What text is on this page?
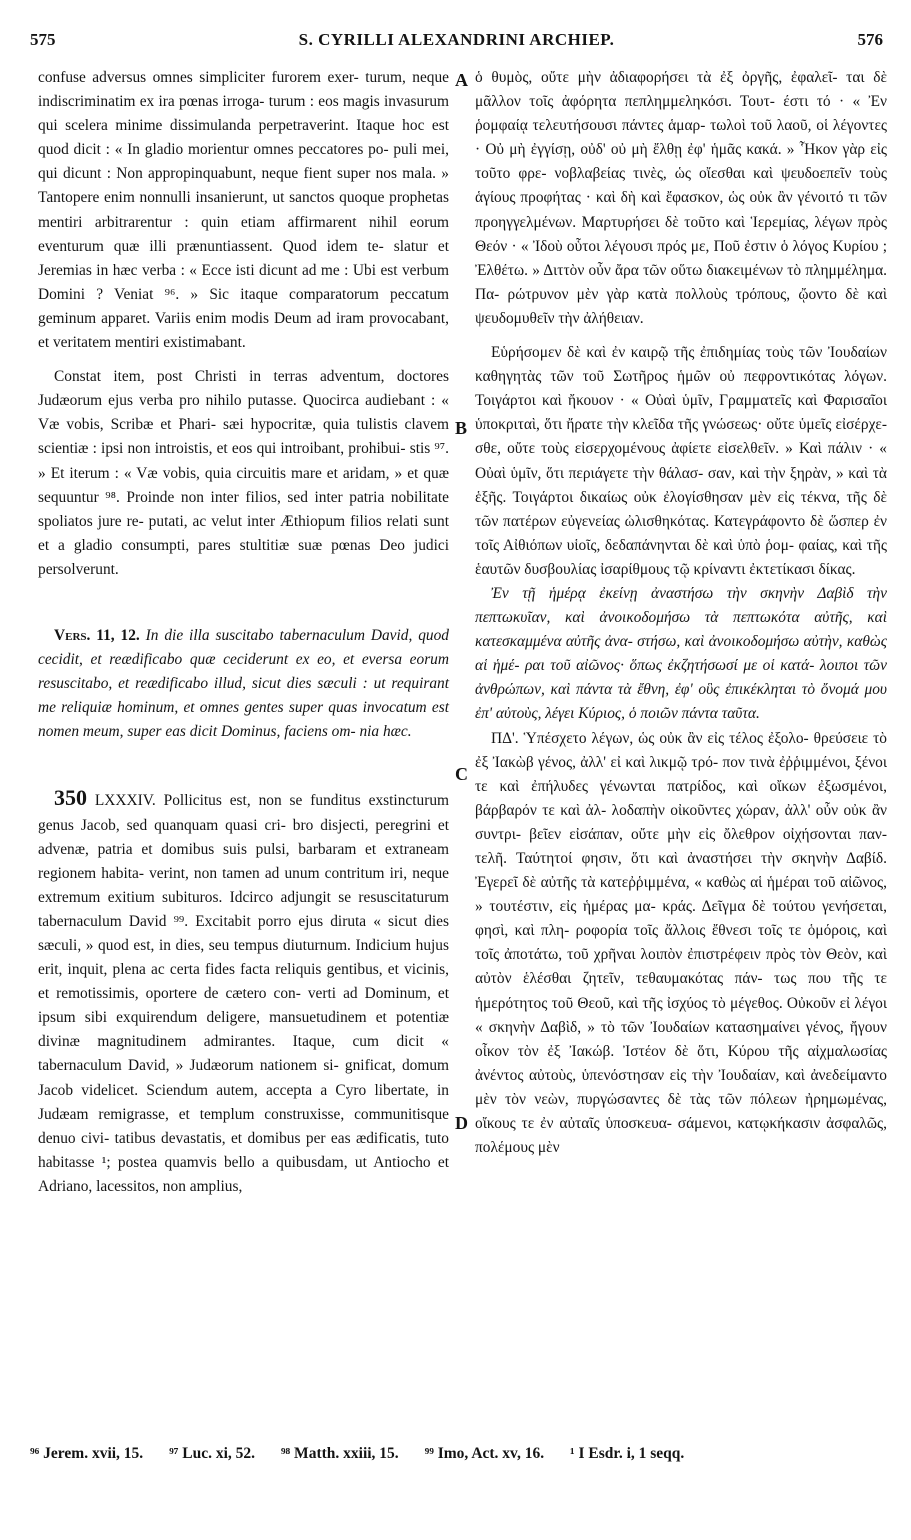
575	S. CYRILLI ALEXANDRINI ARCHIEP.	576

confuse adversus omnes simpliciter furorem exer- turum, neque indiscriminatim ex ira pœnas irroga- turum : eos magis invasurum qui scelera minime dissimulanda perpetraverint. Itaque hoc est quod dicit : « In gladio morientur omnes peccatores po- puli mei, qui dicunt : Non appropinquabunt, neque fient super nos mala. » Tantopere enim nonnulli insanierunt, ut sanctos quoque prophetas mentiri arbitrarentur : quin etiam affirmarent nihil eorum eventurum quæ illi prænuntiassent. Quod idem te- slatur et Jeremias in hæc verba : « Ecce isti dicunt ad me : Ubi est verbum Domini ? Veniat ⁹⁶. » Sic itaque comparatorum peccatum geminum apparet. Variis enim modis Deum ad iram provocabant, et veritatem mentiri existimabant.

Constat item, post Christi in terras adventum, doctores Judæorum ejus verba pro nihilo putasse. Quocirca audiebant : « Væ vobis, Scribæ et Phari- sæi hypocritæ, quia tulistis clavem scientiæ : ipsi non introistis, et eos qui introibant, prohibui- stis ⁹⁷. » Et iterum : « Væ vobis, quia circuitis mare et aridam, » et quæ sequuntur ⁹⁸. Proinde non inter filios, sed inter patria nobilitate spoliatos jure re- putati, ac velut inter Æthiopum filios relati sunt et a gladio consumpti, pares stultitiæ suæ pœnas Deo judici persolverunt.

Vers. 11, 12. In die illa suscitabo tabernaculum David, quod cecidit, et reædificabo quæ ceciderunt ex eo, et eversa eorum resuscitabo, et reædificabo illud, sicut dies sæculi : ut requirant me reliquiæ hominum, et omnes gentes super quas invocatum est nomen meum, super eas dicit Dominus, faciens om- nia hæc.

350 LXXXIV. Pollicitus est, non se funditus exstincturum genus Jacob, sed quanquam quasi cri- bro disjecti, peregrini et advenæ, patria et domibus suis pulsi, barbaram et extraneam regionem habita- verint, non tamen ad unum contritum iri, neque extremum exitium subituros. Idcirco adjungit se resuscitaturum tabernaculum David ⁹⁹. Excitabit porro ejus diruta « sicut dies sæculi, » quod est, in dies, seu tempus diuturnum. Indicium hujus erit, inquit, plena ac certa fides facta reliquis gentibus, et vicinis, et remotissimis, oportere de cætero con- verti ad Dominum, et ipsum sibi exquirendum deligere, mansuetudinem et potentiæ divinæ magnitudinem admirantes. Itaque, cum dicit « tabernaculum David, » Judæorum nationem si- gnificat, domum Jacob videlicet. Sciendum autem, accepta a Cyro libertate, in Judæam remigrasse, et templum construxisse, communitisque denuo civi- tatibus devastatis, et domibus per eas ædificatis, tuto habitasse ¹; postea quamvis bello a quibusdam, ut Antiocho et Adriano, lacessitos, non amplius,

ὁ θυμὸς, οὔτε μὴν ἀδιαφορήσει τὰ ἐξ ὀργῆς, ἐφαλεῖ- ται δὲ μᾶλλον τοῖς ἀφόρητα πεπλημμεληκόσι. Τουτ- έστι τό · « Ἐν ῥομφαίᾳ τελευτήσουσι πάντες ἁμαρ- τωλοὶ τοῦ λαοῦ, οἱ λέγοντες · Οὐ μὴ ἐγγίσῃ, οὐδ' οὐ μὴ ἔλθῃ ἐφ' ἡμᾶς κακά. » Ἧκον γὰρ εἰς τοῦτο φρε- νοβλαβείας τινὲς, ὡς οἴεσθαι καὶ ψευδοεπεῖν τοὺς ἁγίους προφήτας · καὶ δὴ καὶ ἔφασκον, ὡς οὐκ ἂν γένοιτό τι τῶν προηγγελμένων. Μαρτυρήσει δὲ τοῦτο καὶ Ἱερεμίας, λέγων πρὸς Θεόν · « Ἰδοὺ οὗτοι λέγουσι πρός με, Ποῦ ἐστιν ὁ λόγος Κυρίου ; Ἐλθέτω. » Διττὸν οὖν ἄρα τῶν οὕτω διακειμένων τὸ πλημμέλημα. Πα- ρώτρυνον μὲν γὰρ κατὰ πολλοὺς τρόπους, ᾤοντο δὲ καὶ ψευδομυθεῖν τὴν ἀλήθειαν.

Εὑρήσομεν δὲ καὶ ἐν καιρῷ τῆς ἐπιδημίας τοὺς τῶν Ἰουδαίων καθηγητὰς τῶν τοῦ Σωτῆρος ἡμῶν οὐ πεφροντικότας λόγων. Τοιγάρτοι καὶ ἤκουον · « Οὐαὶ ὑμῖν, Γραμματεῖς καὶ Φαρισαῖοι ὑποκριταὶ, ὅτι ἤρατε τὴν κλεῖδα τῆς γνώσεως· οὔτε ὑμεῖς εἰσέρχε- σθε, οὔτε τοὺς εἰσερχομένους ἀφίετε εἰσελθεῖν. » Καὶ πάλιν · « Οὐαὶ ὑμῖν, ὅτι περιάγετε τὴν θάλασ- σαν, καὶ τὴν ξηρὰν, » καὶ τὰ ἑξῆς. Τοιγάρτοι δικαίως οὐκ ἐλογίσθησαν μὲν εἰς τέκνα, τῆς δὲ τῶν πατέρων εὐγενείας ὠλισθηκότας. Κατεγράφοντο δὲ ὥσπερ ἐν τοῖς Αἰθιόπων υἱοῖς, δεδαπάνηνται δὲ καὶ ὑπὸ ῥομ- φαίας, καὶ τῆς ἑαυτῶν δυσβουλίας ἰσαρίθμους τῷ κρίναντι ἐκτετίκασι δίκας.

Ἐν τῇ ἡμέρᾳ ἐκείνῃ ἀναστήσω τὴν σκηνὴν Δαβὶδ τὴν πεπτωκυῖαν, καὶ ἀνοικοδομήσω τὰ πεπτωκότα αὐτῆς, καὶ κατεσκαμμένα αὐτῆς ἀνα- στήσω, καὶ ἀνοικοδομήσω αὐτὴν, καθὼς αἱ ἡμέ- ραι τοῦ αἰῶνος· ὅπως ἐκζητήσωσί με οἱ κατά- λοιποι τῶν ἀνθρώπων, καὶ πάντα τὰ ἔθνη, ἐφ' οὓς ἐπικέκληται τὸ ὄνομά μου ἐπ' αὐτοὺς, λέγει Κύριος, ὁ ποιῶν πάντα ταῦτα.

ΠΔ'. Ὑπέσχετο λέγων, ὡς οὐκ ἂν εἰς τέλος ἐξολο- θρεύσειε τὸ ἐξ Ἰακὼβ γένος, ἀλλ' εἰ καὶ λικμῷ τρό- πον τινὰ ἐῤῥιμμένοι, ξένοι τε καὶ ἐπήλυδες γένωνται πατρίδος, καὶ οἴκων ἐξωσμένοι, βάρβαρόν τε καὶ ἀλ- λοδαπὴν οἰκοῦντες χώραν, ἀλλ' οὖν οὐκ ἂν συντρι- βεῖεν εἰσάπαν, οὔτε μὴν εἰς ὄλεθρον οἰχήσονται παν- τελῆ. Ταύτητοί φησιν, ὅτι καὶ ἀναστήσει τὴν σκηνὴν Δαβίδ. Ἐγερεῖ δὲ αὐτῆς τὰ κατεῤῥιμμένα, « καθὼς αἱ ἡμέραι τοῦ αἰῶνος, » τουτέστιν, εἰς ἡμέρας μα- κράς. Δεῖγμα δὲ τούτου γενήσεται, φησὶ, καὶ πλη- ροφορία τοῖς ἄλλοις ἔθνεσι τοῖς τε ὁμόροις, καὶ τοῖς ἀποτάτω, τοῦ χρῆναι λοιπὸν ἐπιστρέφειν πρὸς τὸν Θεὸν, καὶ αὐτὸν ἑλέσθαι ζητεῖν, τεθαυμακότας πάν- τως που τῆς τε ἡμερότητος τοῦ Θεοῦ, καὶ τῆς ἰσχύος τὸ μέγεθος. Οὐκοῦν εἰ λέγοι « σκηνὴν Δαβὶδ, » τὸ τῶν Ἰουδαίων κατασημαίνει γένος, ἤγουν οἶκον τὸν ἐξ Ἰακώβ. Ἰστέον δὲ ὅτι, Κύρου τῆς αἰχμαλωσίας ἀνέντος αὐτοὺς, ὑπενόστησαν εἰς τὴν Ἰουδαίαν, καὶ ἀνεδείμαντο μὲν τὸν νεὼν, πυργώσαντες δὲ τὰς τῶν πόλεων ἠρημωμένας, οἴκους τε ἐν αὐταῖς ὑποσκευα- σάμενοι, κατῳκήκασιν ἀσφαλῶς, πολέμους μὲν

A
B
C
D
⁹⁶ Jerem. xvii, 15. ⁹⁷ Luc. xi, 52. ⁹⁸ Matth. xxiii, 15. ⁹⁹ Imo, Act. xv, 16. ¹ I Esdr. i, 1 seqq.
